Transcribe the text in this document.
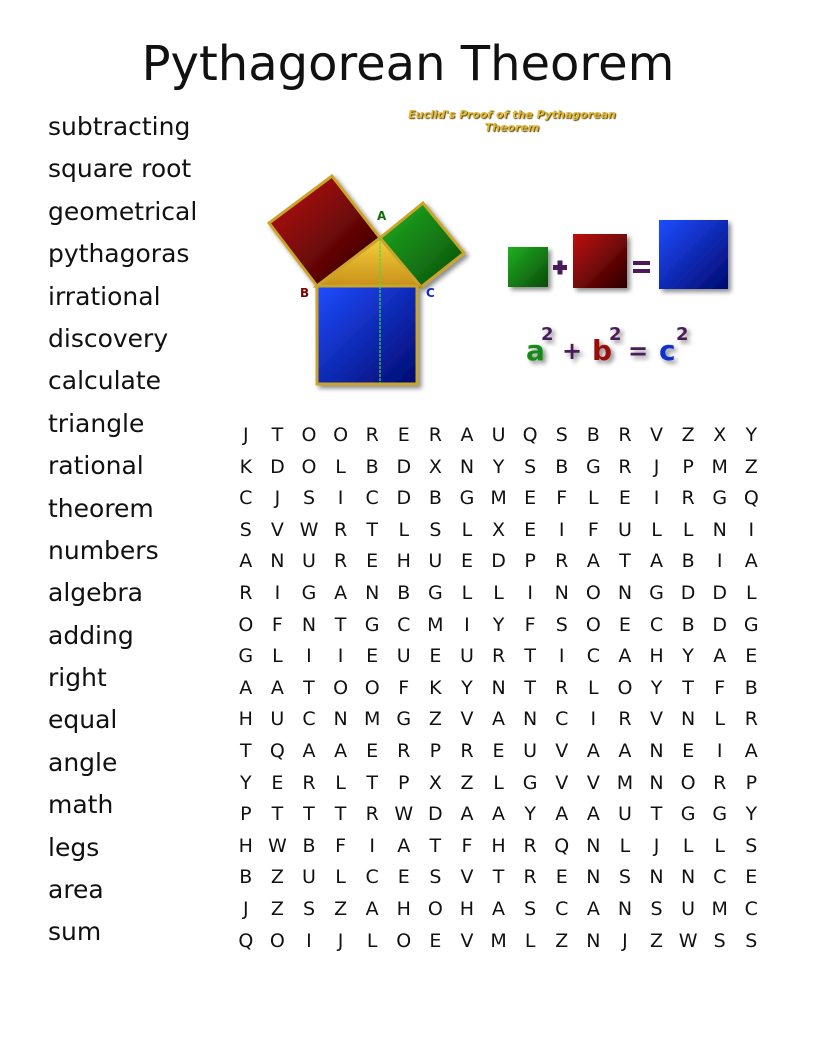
Pythagorean Theorem
subtracting
square root
geometrical
pythagoras
irrational
discovery
calculate
triangle
rational
theorem
numbers
algebra
adding
right
equal
angle
math
legs
area
sum
Euclid's Proof of the Pythagorean Theorem
A
B	C
a
2
+ b
2
= c 2
J	T O O R E R A U Q S	B R V Z X	Y
K D O L	B D X N Y	S	B G R	J	P M Z
C	J	S	I	C D B G M E	F	L	E	I	R G Q
S	V W R	T	L	S	L	X	E	I	F	U	L	L	N	I
A N U R E H U E D P	R A	T	A B	I	A
R	I	G A N B G L	L	I	N O N G D D L
O F	N T G C M	I	Y	F	S O E C B D G
G L	I	I	E U E U R	T	I	C A H Y	A	E
A A	T O O F	K	Y N T	R	L O Y	T	F	B
H U C N M G Z V A N C	I	R V N	L	R
T Q A A	E R	P	R E U V A A N E	I	A
Y	E R	L	T	P	X Z	L G V V M N O R	P
P	T	T	T	R W D A A	Y	A A U T G G Y
H W B	F	I	A	T	F H R Q N	L	J	L	L	S
B Z U	L	C E	S	V	T	R E N S N N C E
J	Z	S	Z A H O H A	S C A N S U M C
Q O	I	J	L O E	V M L	Z N	J	Z W S	S
